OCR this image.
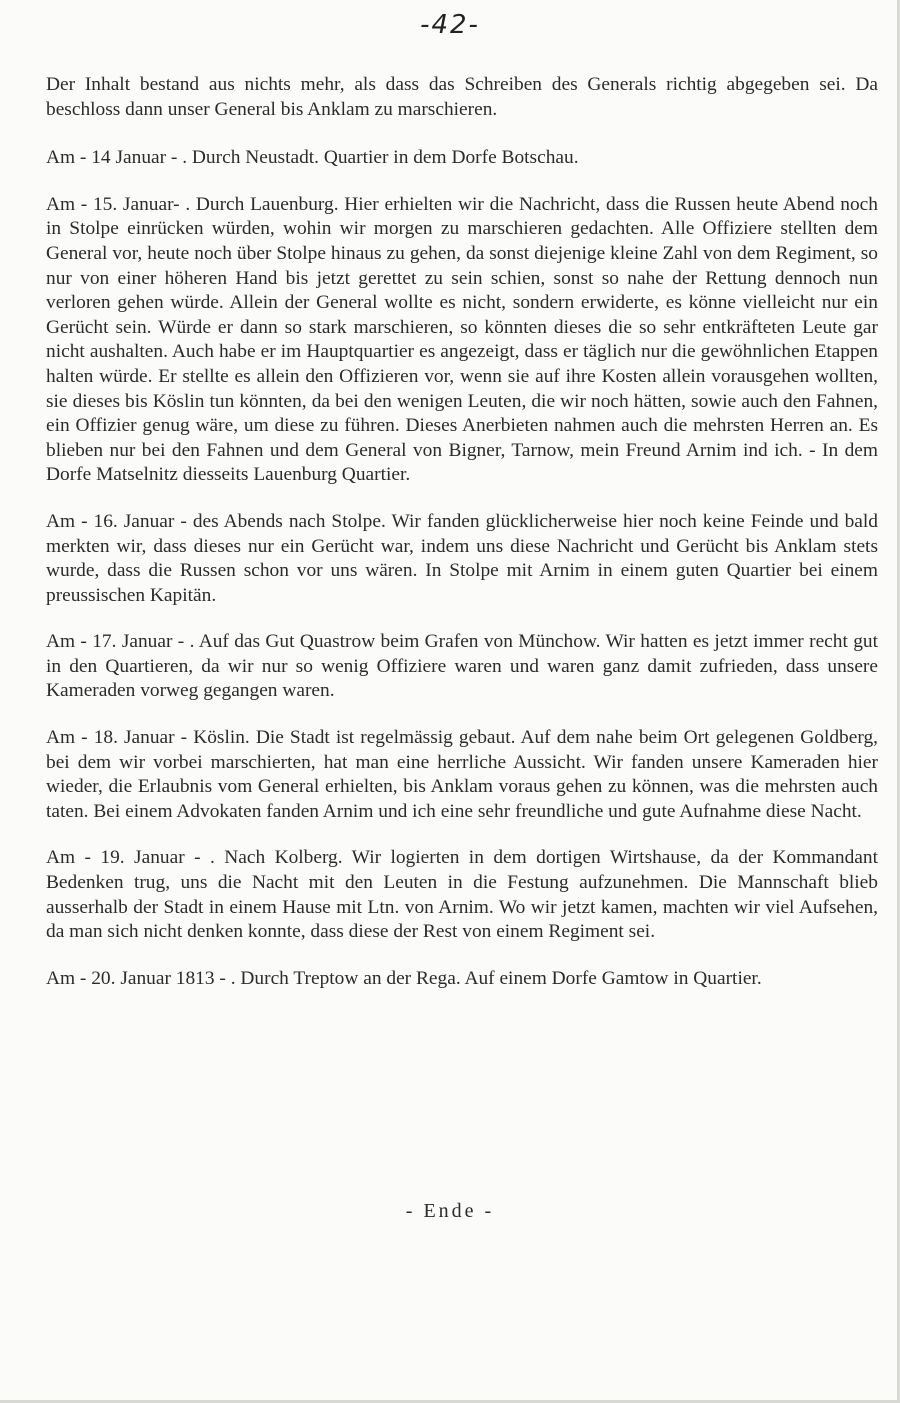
-42-

Der Inhalt bestand aus nichts mehr, als dass das Schreiben des Generals richtig abgegeben sei. Da beschloss dann unser General bis Anklam zu marschieren.

Am - 14 Januar - . Durch Neustadt. Quartier in dem Dorfe Botschau.

Am - 15. Januar- . Durch Lauenburg. Hier erhielten wir die Nachricht, dass die Russen heute Abend noch in Stolpe einrücken würden, wohin wir morgen zu marschieren gedachten. Alle Offiziere stellten dem General vor, heute noch über Stolpe hinaus zu gehen, da sonst diejenige kleine Zahl von dem Regiment, so nur von einer höheren Hand bis jetzt gerettet zu sein schien, sonst so nahe der Rettung dennoch nun verloren gehen würde. Allein der General wollte es nicht, sondern erwiderte, es könne vielleicht nur ein Gerücht sein. Würde er dann so stark marschieren, so könnten dieses die so sehr entkräfteten Leute gar nicht aushalten. Auch habe er im Hauptquartier es angezeigt, dass er täglich nur die gewöhnlichen Etappen halten würde. Er stellte es allein den Offizieren vor, wenn sie auf ihre Kosten allein vorausgehen wollten, sie dieses bis Köslin tun könnten, da bei den wenigen Leuten, die wir noch hätten, sowie auch den Fahnen, ein Offizier genug wäre, um diese zu führen. Dieses Anerbieten nahmen auch die mehrsten Herren an. Es blieben nur bei den Fahnen und dem General von Bigner, Tarnow, mein Freund Arnim ind ich. - In dem Dorfe Matselnitz diesseits Lauenburg Quartier.

Am - 16. Januar - des Abends nach Stolpe. Wir fanden glücklicherweise hier noch keine Feinde und bald merkten wir, dass dieses nur ein Gerücht war, indem uns diese Nachricht und Gerücht bis Anklam stets wurde, dass die Russen schon vor uns wären. In Stolpe mit Arnim in einem guten Quartier bei einem preussischen Kapitän.

Am - 17. Januar - . Auf das Gut Quastrow beim Grafen von Münchow. Wir hatten es jetzt immer recht gut in den Quartieren, da wir nur so wenig Offiziere waren und waren ganz damit zufrieden, dass unsere Kameraden vorweg gegangen waren.

Am - 18. Januar - Köslin. Die Stadt ist regelmässig gebaut. Auf dem nahe beim Ort gelegenen Goldberg, bei dem wir vorbei marschierten, hat man eine herrliche Aussicht. Wir fanden unsere Kameraden hier wieder, die Erlaubnis vom General erhielten, bis Anklam voraus gehen zu können, was die mehrsten auch taten. Bei einem Advokaten fanden Arnim und ich eine sehr freundliche und gute Aufnahme diese Nacht.

Am - 19. Januar - . Nach Kolberg. Wir logierten in dem dortigen Wirtshause, da der Kommandant Bedenken trug, uns die Nacht mit den Leuten in die Festung aufzunehmen. Die Mannschaft blieb ausserhalb der Stadt in einem Hause mit Ltn. von Arnim. Wo wir jetzt kamen, machten wir viel Aufsehen, da man sich nicht denken konnte, dass diese der Rest von einem Regiment sei.

Am - 20. Januar 1813 - . Durch Treptow an der Rega. Auf einem Dorfe Gamtow in Quartier.

- Ende -
